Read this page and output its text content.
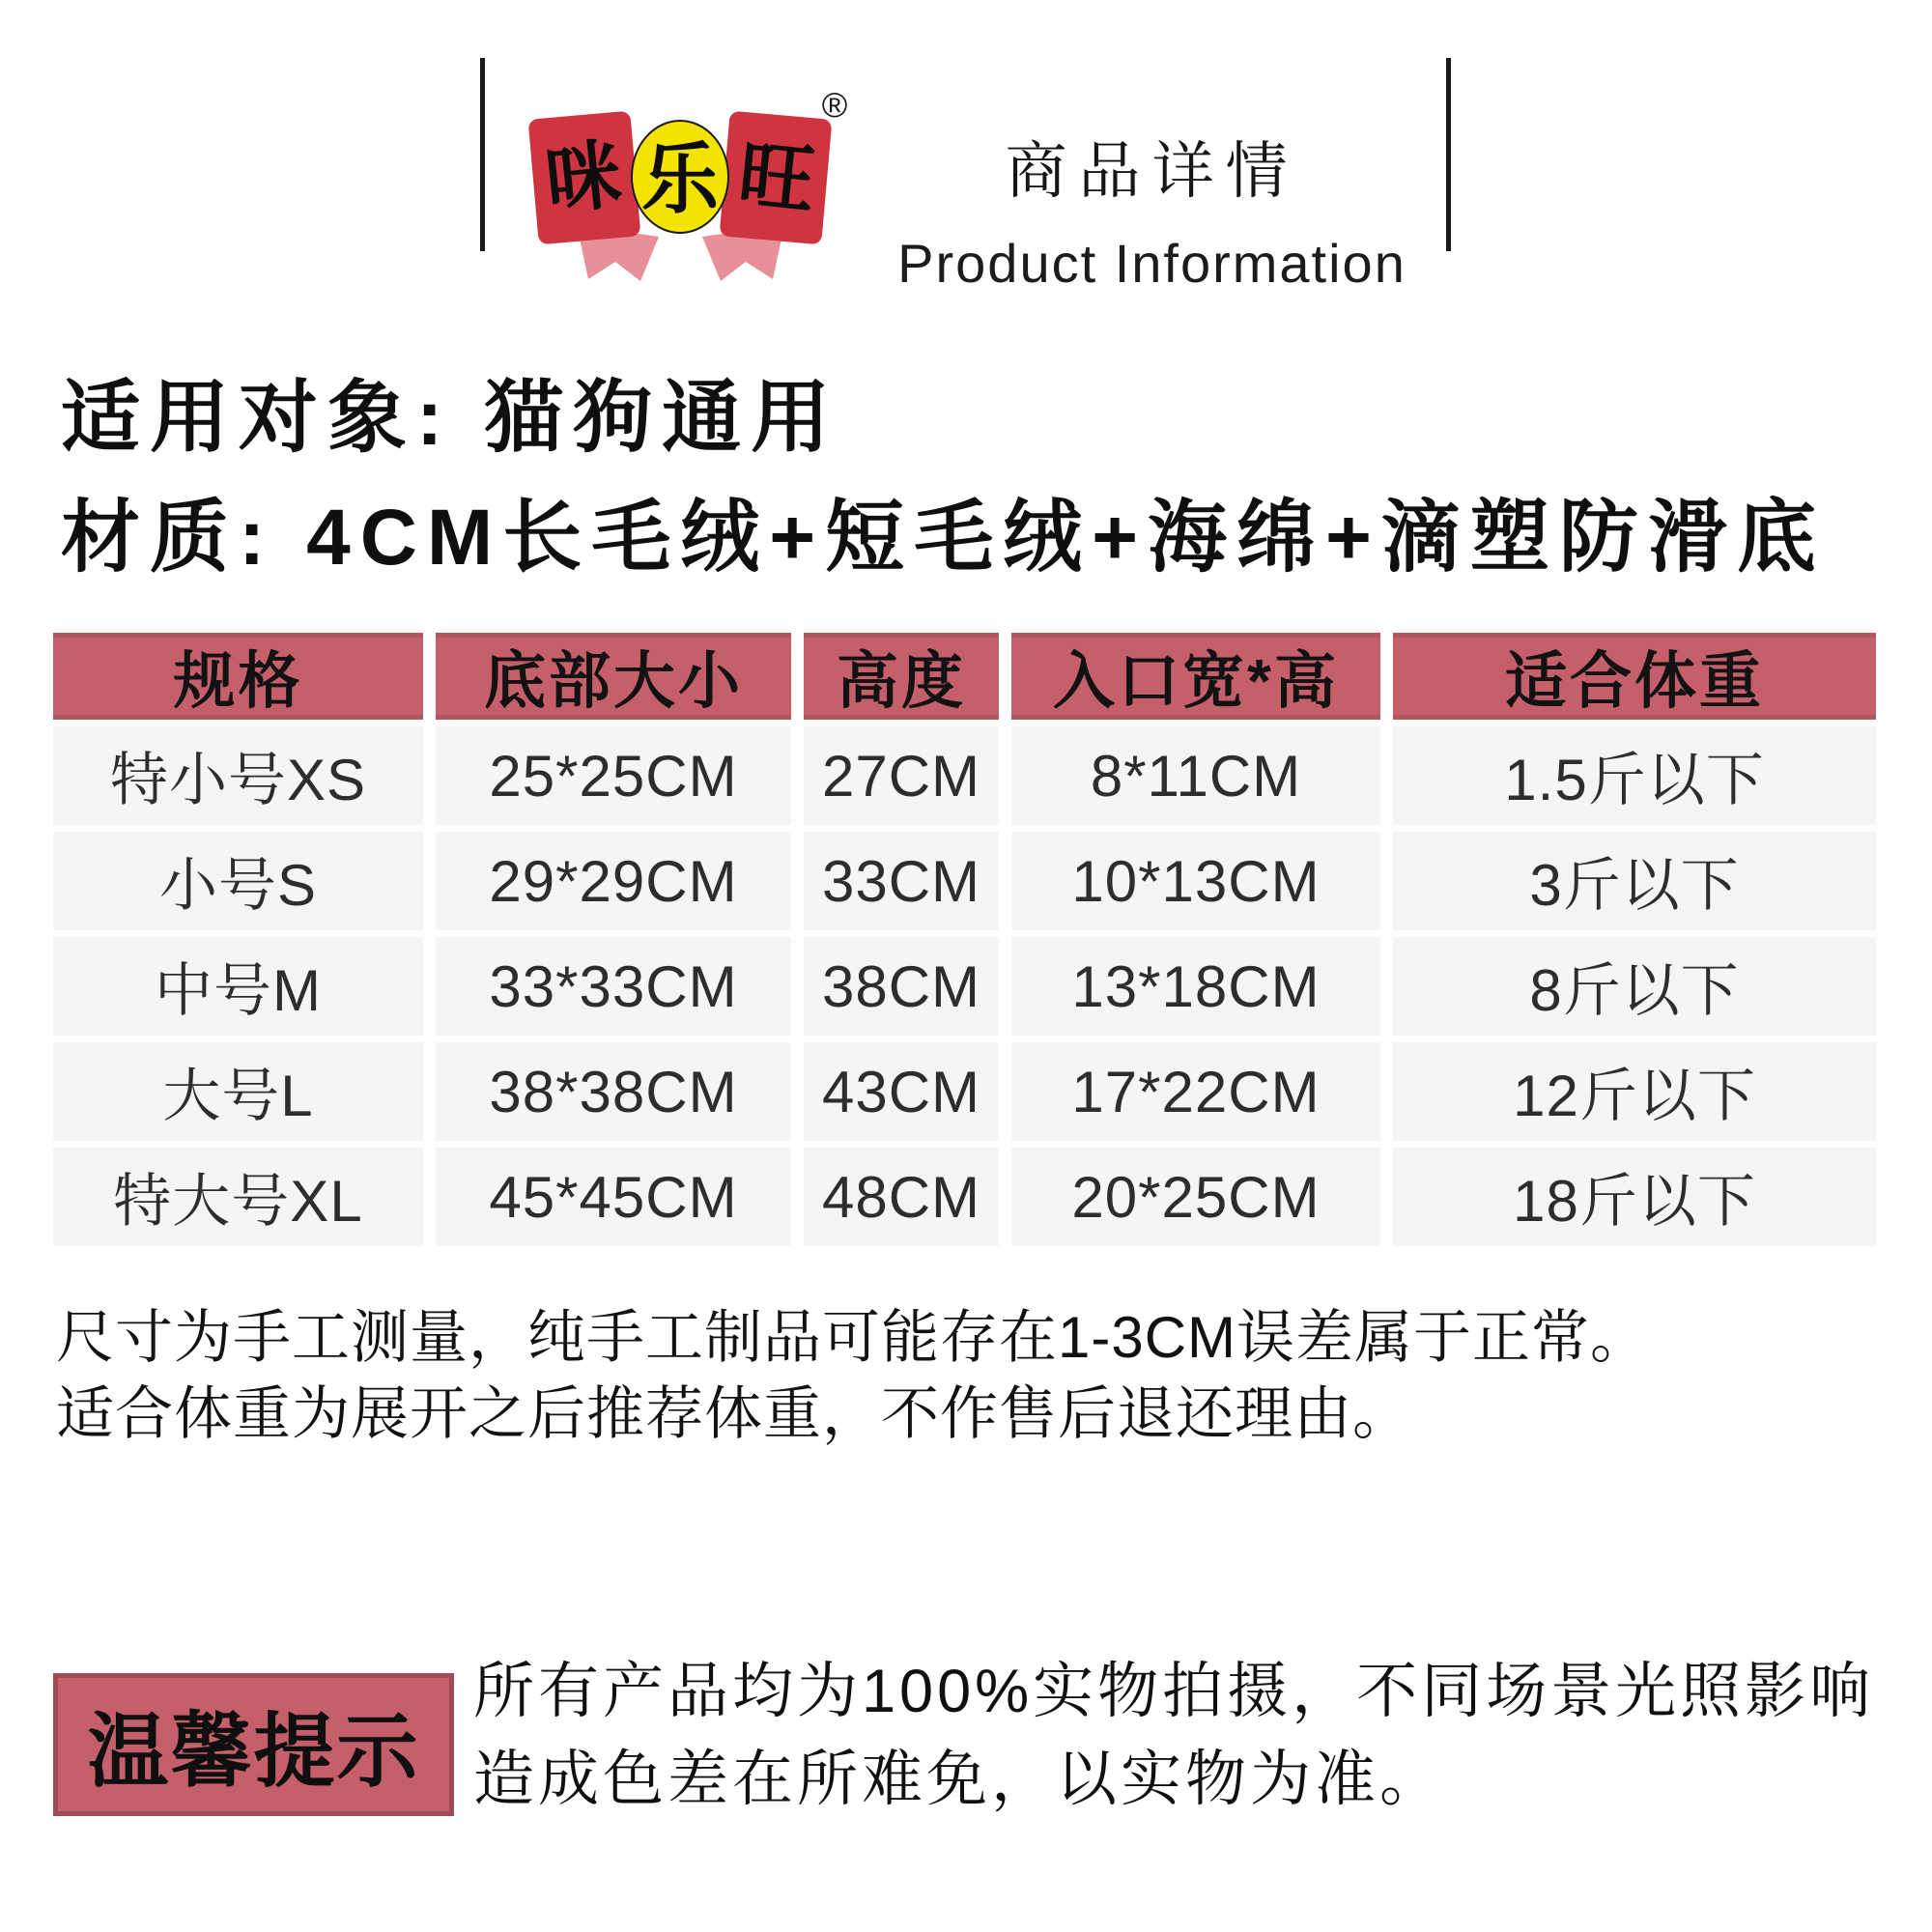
咪 乐 旺
®
商品详情
Product Information

适用对象: 猫狗通用

材质: 4CM长毛绒+短毛绒+海绵+滴塑防滑底

规格	底部大小	高度	入口宽*高	适合体重
特小号XS	25*25CM	27CM	8*11CM	1.5斤以下
小号S	29*29CM	33CM	10*13CM	3斤以下
中号M	33*33CM	38CM	13*18CM	8斤以下
大号L	38*38CM	43CM	17*22CM	12斤以下
特大号XL	45*45CM	48CM	20*25CM	18斤以下

尺寸为手工测量，纯手工制品可能存在1-3CM误差属于正常。

适合体重为展开之后推荐体重，不作售后退还理由。

温馨提示

所有产品均为100%实物拍摄，不同场景光照影响

造成色差在所难免，以实物为准。
